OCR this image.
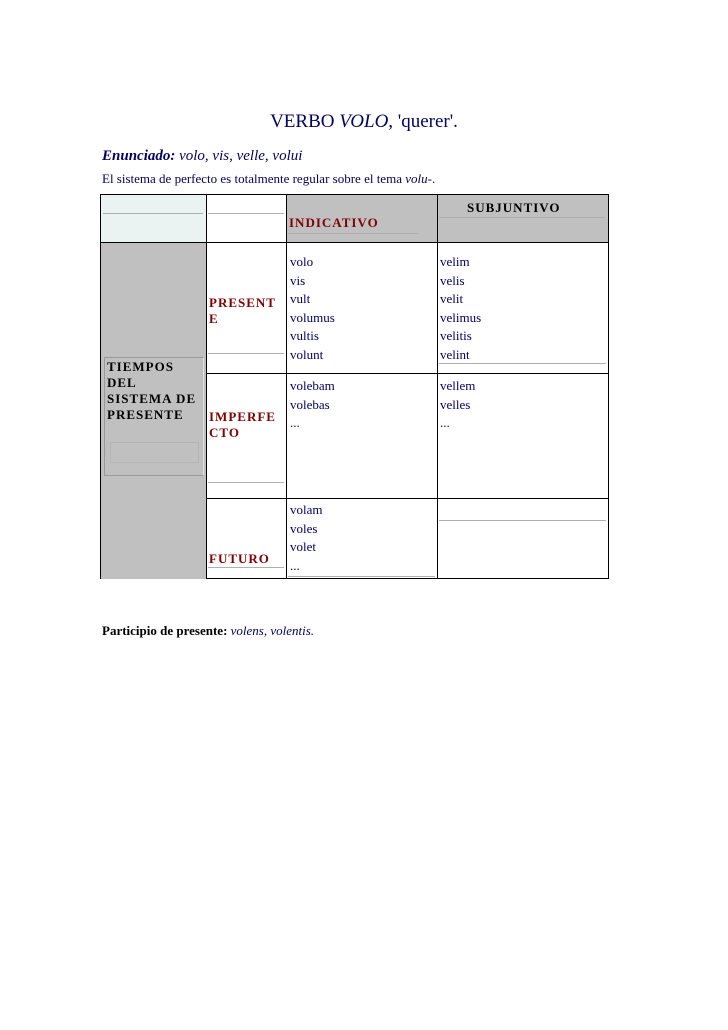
VERBO VOLO, 'querer'.
Enunciado: volo, vis, velle, volui
El sistema de perfecto es totalmente regular sobre el tema volu-.
INDICATIVO
SUBJUNTIVO
TIEMPOS
DEL
SISTEMA DE
PRESENTE
PRESENT
E
volo
vis
vult
volumus
vultis
volunt
velim
velis
velit
velimus
velitis
velint
IMPERFE
CTO
volebam
volebas
...
vellem
velles
...
FUTURO
volam
voles
volet
...
Participio de presente: volens, volentis.
